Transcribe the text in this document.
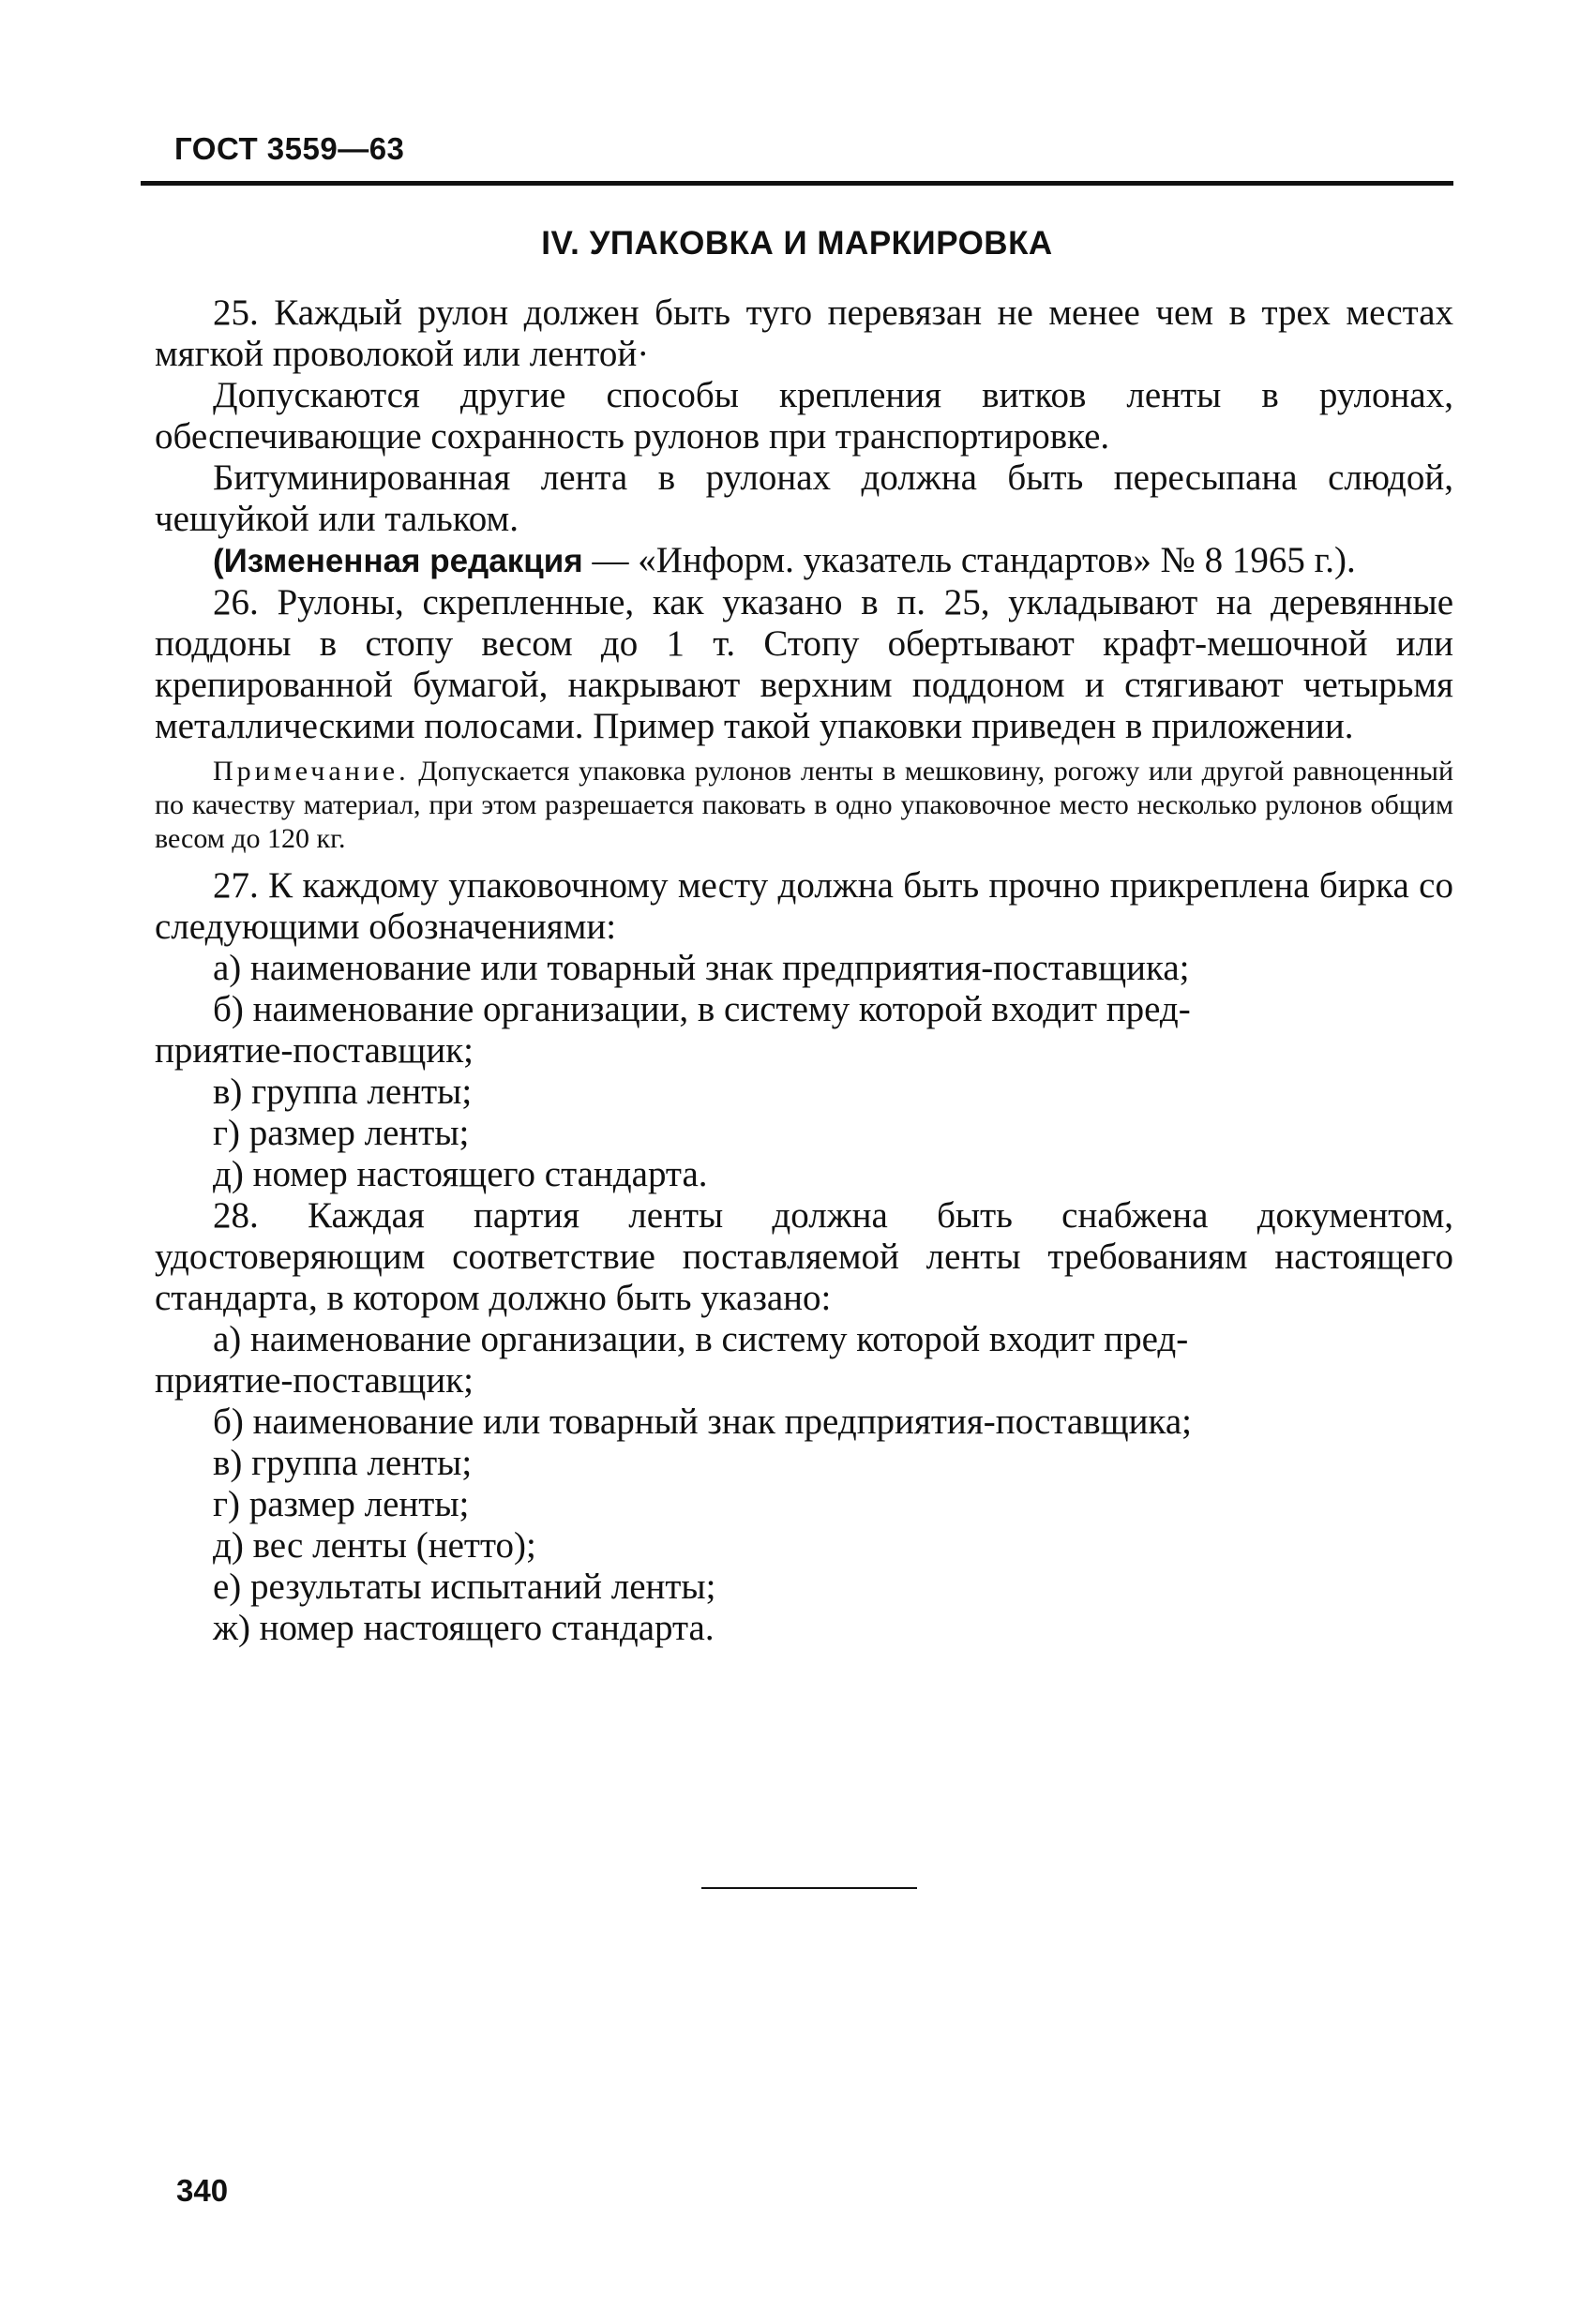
ГОСТ 3559—63
IV. УПАКОВКА И МАРКИРОВКА

25. Каждый рулон должен быть туго перевязан не менее чем в трех местах мягкой проволокой или лентой·

Допускаются другие способы крепления витков ленты в рулонах, обеспечивающие сохранность рулонов при транспортировке.

Битуминированная лента в рулонах должна быть пересыпана слюдой, чешуйкой или тальком.

(Измененная редакция — «Информ. указатель стандартов» № 8 1965 г.).

26. Рулоны, скрепленные, как указано в п. 25, укладывают на деревянные поддоны в стопу весом до 1 т. Стопу обертывают крафт-мешочной или крепированной бумагой, накрывают верхним поддоном и стягивают четырьмя металлическими полосами. Пример такой упаковки приведен в приложении.

Примечание. Допускается упаковка рулонов ленты в мешковину, рогожу или другой равноценный по качеству материал, при этом разрешается паковать в одно упаковочное место несколько рулонов общим весом до 120 кг.

27. К каждому упаковочному месту должна быть прочно прикреплена бирка со следующими обозначениями:

а) наименование или товарный знак предприятия-поставщика;

б) наименование организации, в систему которой входит пред-

приятие-поставщик;

в) группа ленты;

г) размер ленты;

д) номер настоящего стандарта.

28. Каждая партия ленты должна быть снабжена документом, удостоверяющим соответствие поставляемой ленты требованиям настоящего стандарта, в котором должно быть указано:

а) наименование организации, в систему которой входит пред-

приятие-поставщик;

б) наименование или товарный знак предприятия-поставщика;

в) группа ленты;

г) размер ленты;

д) вес ленты (нетто);

е) результаты испытаний ленты;

ж) номер настоящего стандарта.

340
